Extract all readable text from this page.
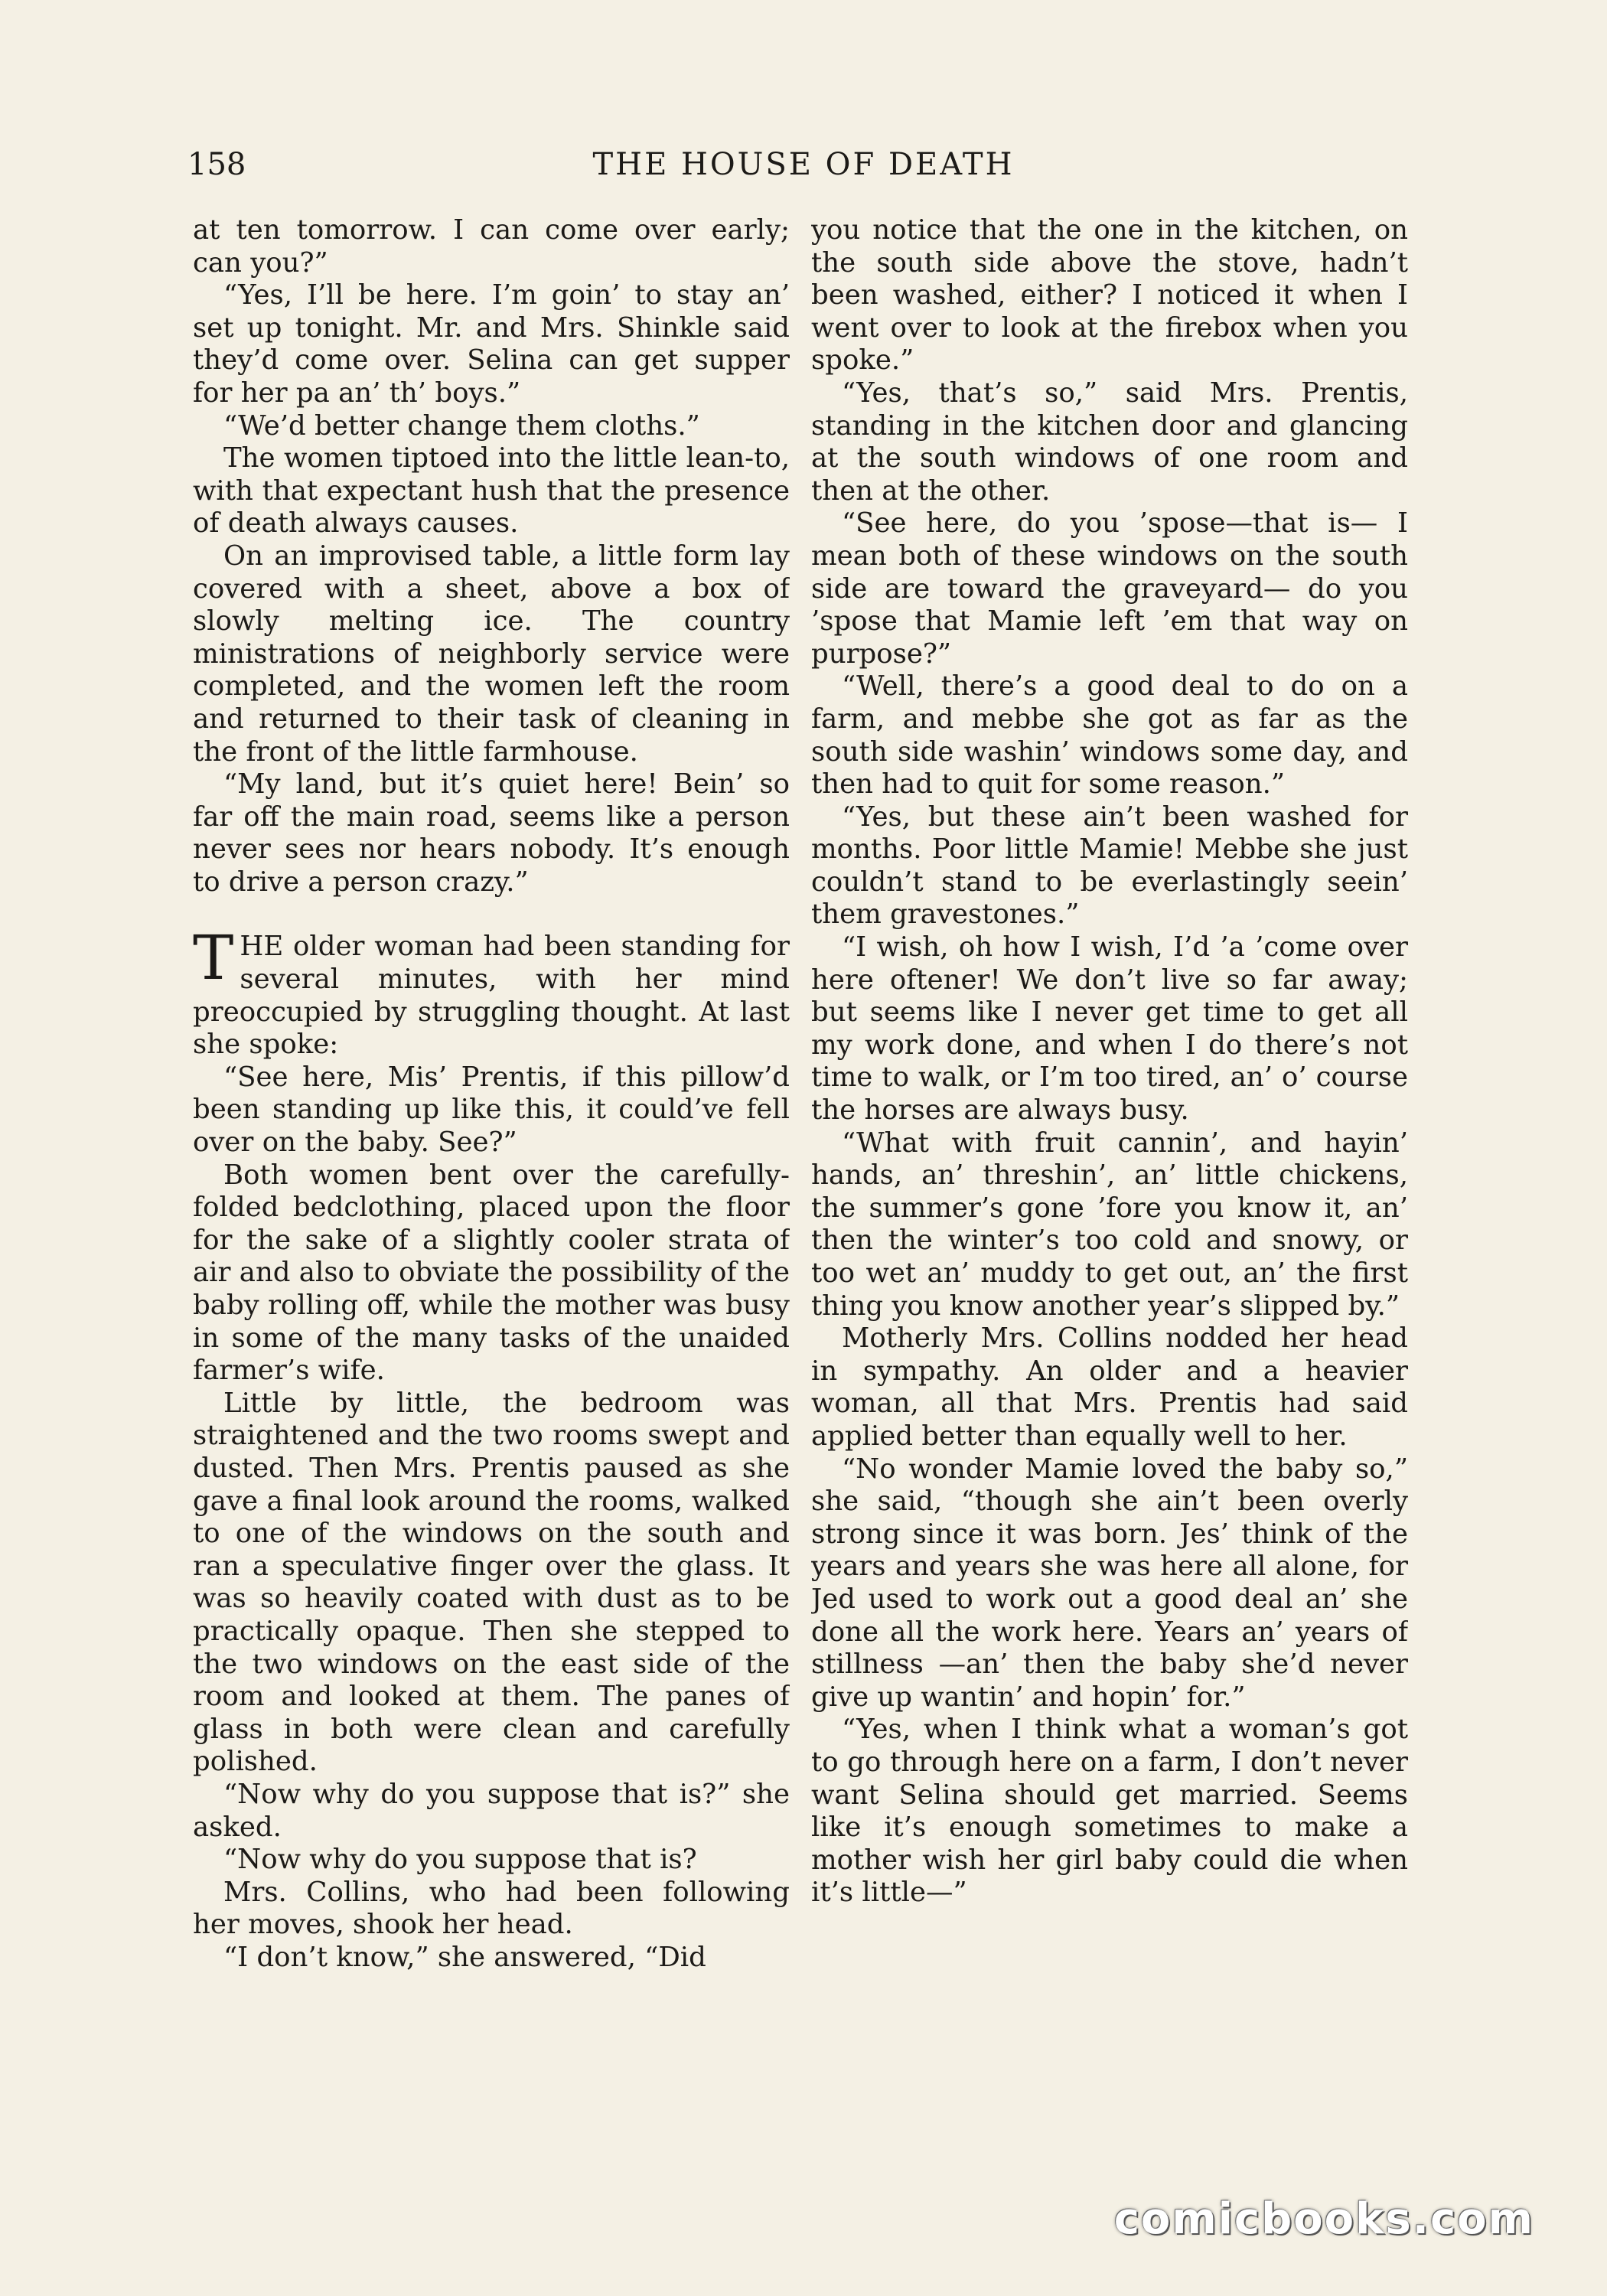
158	THE HOUSE OF DEATH

at ten tomorrow. I can come over early; can you?”

“Yes, I’ll be here. I’m goin’ to stay an’ set up tonight. Mr. and Mrs. Shinkle said they’d come over. Selina can get supper for her pa an’ th’ boys.”

“We’d better change them cloths.”

The women tiptoed into the little lean-to, with that expectant hush that the presence of death always causes.

On an improvised table, a little form lay covered with a sheet, above a box of slowly melting ice. The country ministrations of neighborly service were completed, and the women left the room and returned to their task of cleaning in the front of the little farmhouse.

“My land, but it’s quiet here! Bein’ so far off the main road, seems like a person never sees nor hears nobody. It’s enough to drive a person crazy.”

THE older woman had been standing for several minutes, with her mind preoccupied by struggling thought. At last she spoke:

“See here, Mis’ Prentis, if this pillow’d been standing up like this, it could’ve fell over on the baby. See?”

Both women bent over the carefully-folded bedclothing, placed upon the floor for the sake of a slightly cooler strata of air and also to obviate the possibility of the baby rolling off, while the mother was busy in some of the many tasks of the unaided farmer’s wife.

Little by little, the bedroom was straightened and the two rooms swept and dusted. Then Mrs. Prentis paused as she gave a final look around the rooms, walked to one of the windows on the south and ran a speculative finger over the glass. It was so heavily coated with dust as to be practically opaque. Then she stepped to the two windows on the east side of the room and looked at them. The panes of glass in both were clean and carefully polished.

“Now why do you suppose that is?” she asked.

“Now why do you suppose that is?

Mrs. Collins, who had been following her moves, shook her head.

“I don’t know,” she answered, “Did

you notice that the one in the kitchen, on the south side above the stove, hadn’t been washed, either? I noticed it when I went over to look at the firebox when you spoke.”

“Yes, that’s so,” said Mrs. Prentis, standing in the kitchen door and glancing at the south windows of one room and then at the other.

“See here, do you ’spose—that is— I mean both of these windows on the south side are toward the graveyard— do you ’spose that Mamie left ’em that way on purpose?”

“Well, there’s a good deal to do on a farm, and mebbe she got as far as the south side washin’ windows some day, and then had to quit for some reason.”

“Yes, but these ain’t been washed for months. Poor little Mamie! Mebbe she just couldn’t stand to be everlastingly seein’ them gravestones.”

“I wish, oh how I wish, I’d ’a ’come over here oftener! We don’t live so far away; but seems like I never get time to get all my work done, and when I do there’s not time to walk, or I’m too tired, an’ o’ course the horses are always busy.

“What with fruit cannin’, and hayin’ hands, an’ threshin’, an’ little chickens, the summer’s gone ’fore you know it, an’ then the winter’s too cold and snowy, or too wet an’ muddy to get out, an’ the first thing you know another year’s slipped by.”

Motherly Mrs. Collins nodded her head in sympathy. An older and a heavier woman, all that Mrs. Prentis had said applied better than equally well to her.

“No wonder Mamie loved the baby so,” she said, “though she ain’t been overly strong since it was born. Jes’ think of the years and years she was here all alone, for Jed used to work out a good deal an’ she done all the work here. Years an’ years of stillness —an’ then the baby she’d never give up wantin’ and hopin’ for.”

“Yes, when I think what a woman’s got to go through here on a farm, I don’t never want Selina should get married. Seems like it’s enough sometimes to make a mother wish her girl baby could die when it’s little—”

comicbooks.com
